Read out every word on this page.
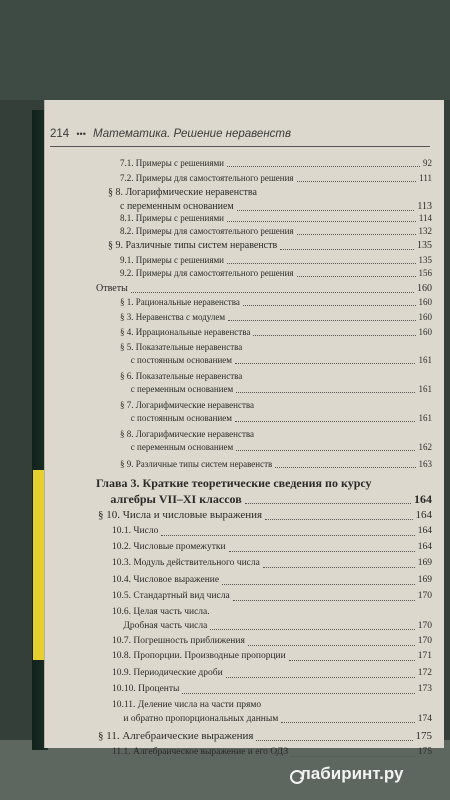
214 ••• Математика. Решение неравенств
7.1. Примеры с решениями	92
7.2. Примеры для самостоятельного решения	111
§ 8. Логарифмические неравенства
с переменным основанием	113
8.1. Примеры с решениями	114
8.2. Примеры для самостоятельного решения	132
§ 9. Различные типы систем неравенств	135
9.1. Примеры с решениями	135
9.2. Примеры для самостоятельного решения	156
Ответы	160
§ 1. Рациональные неравенства	160
§ 3. Неравенства с модулем	160
§ 4. Иррациональные неравенства	160
§ 5. Показательные неравенства
с постоянным основанием	161
§ 6. Показательные неравенства
с переменным основанием	161
§ 7. Логарифмические неравенства
с постоянным основанием	161
§ 8. Логарифмические неравенства
с переменным основанием	162
§ 9. Различные типы систем неравенств	163
Глава 3. Краткие теоретические сведения по курсу
алгебры VII–XI классов	164
§ 10. Числа и числовые выражения	164
10.1. Число	164
10.2. Числовые промежутки	164
10.3. Модуль действительного числа	169
10.4. Числовое выражение	169
10.5. Стандартный вид числа	170
10.6. Целая часть числа.
Дробная часть числа	170
10.7. Погрешность приближения	170
10.8. Пропорции. Производные пропорции	171
10.9. Периодические дроби	172
10.10. Проценты	173
10.11. Деление числа на части прямо
и обратно пропорциональных данным	174
§ 11. Алгебраические выражения	175
11.1. Алгебраическое выражение и его ОДЗ	175
лабиринт.ру
